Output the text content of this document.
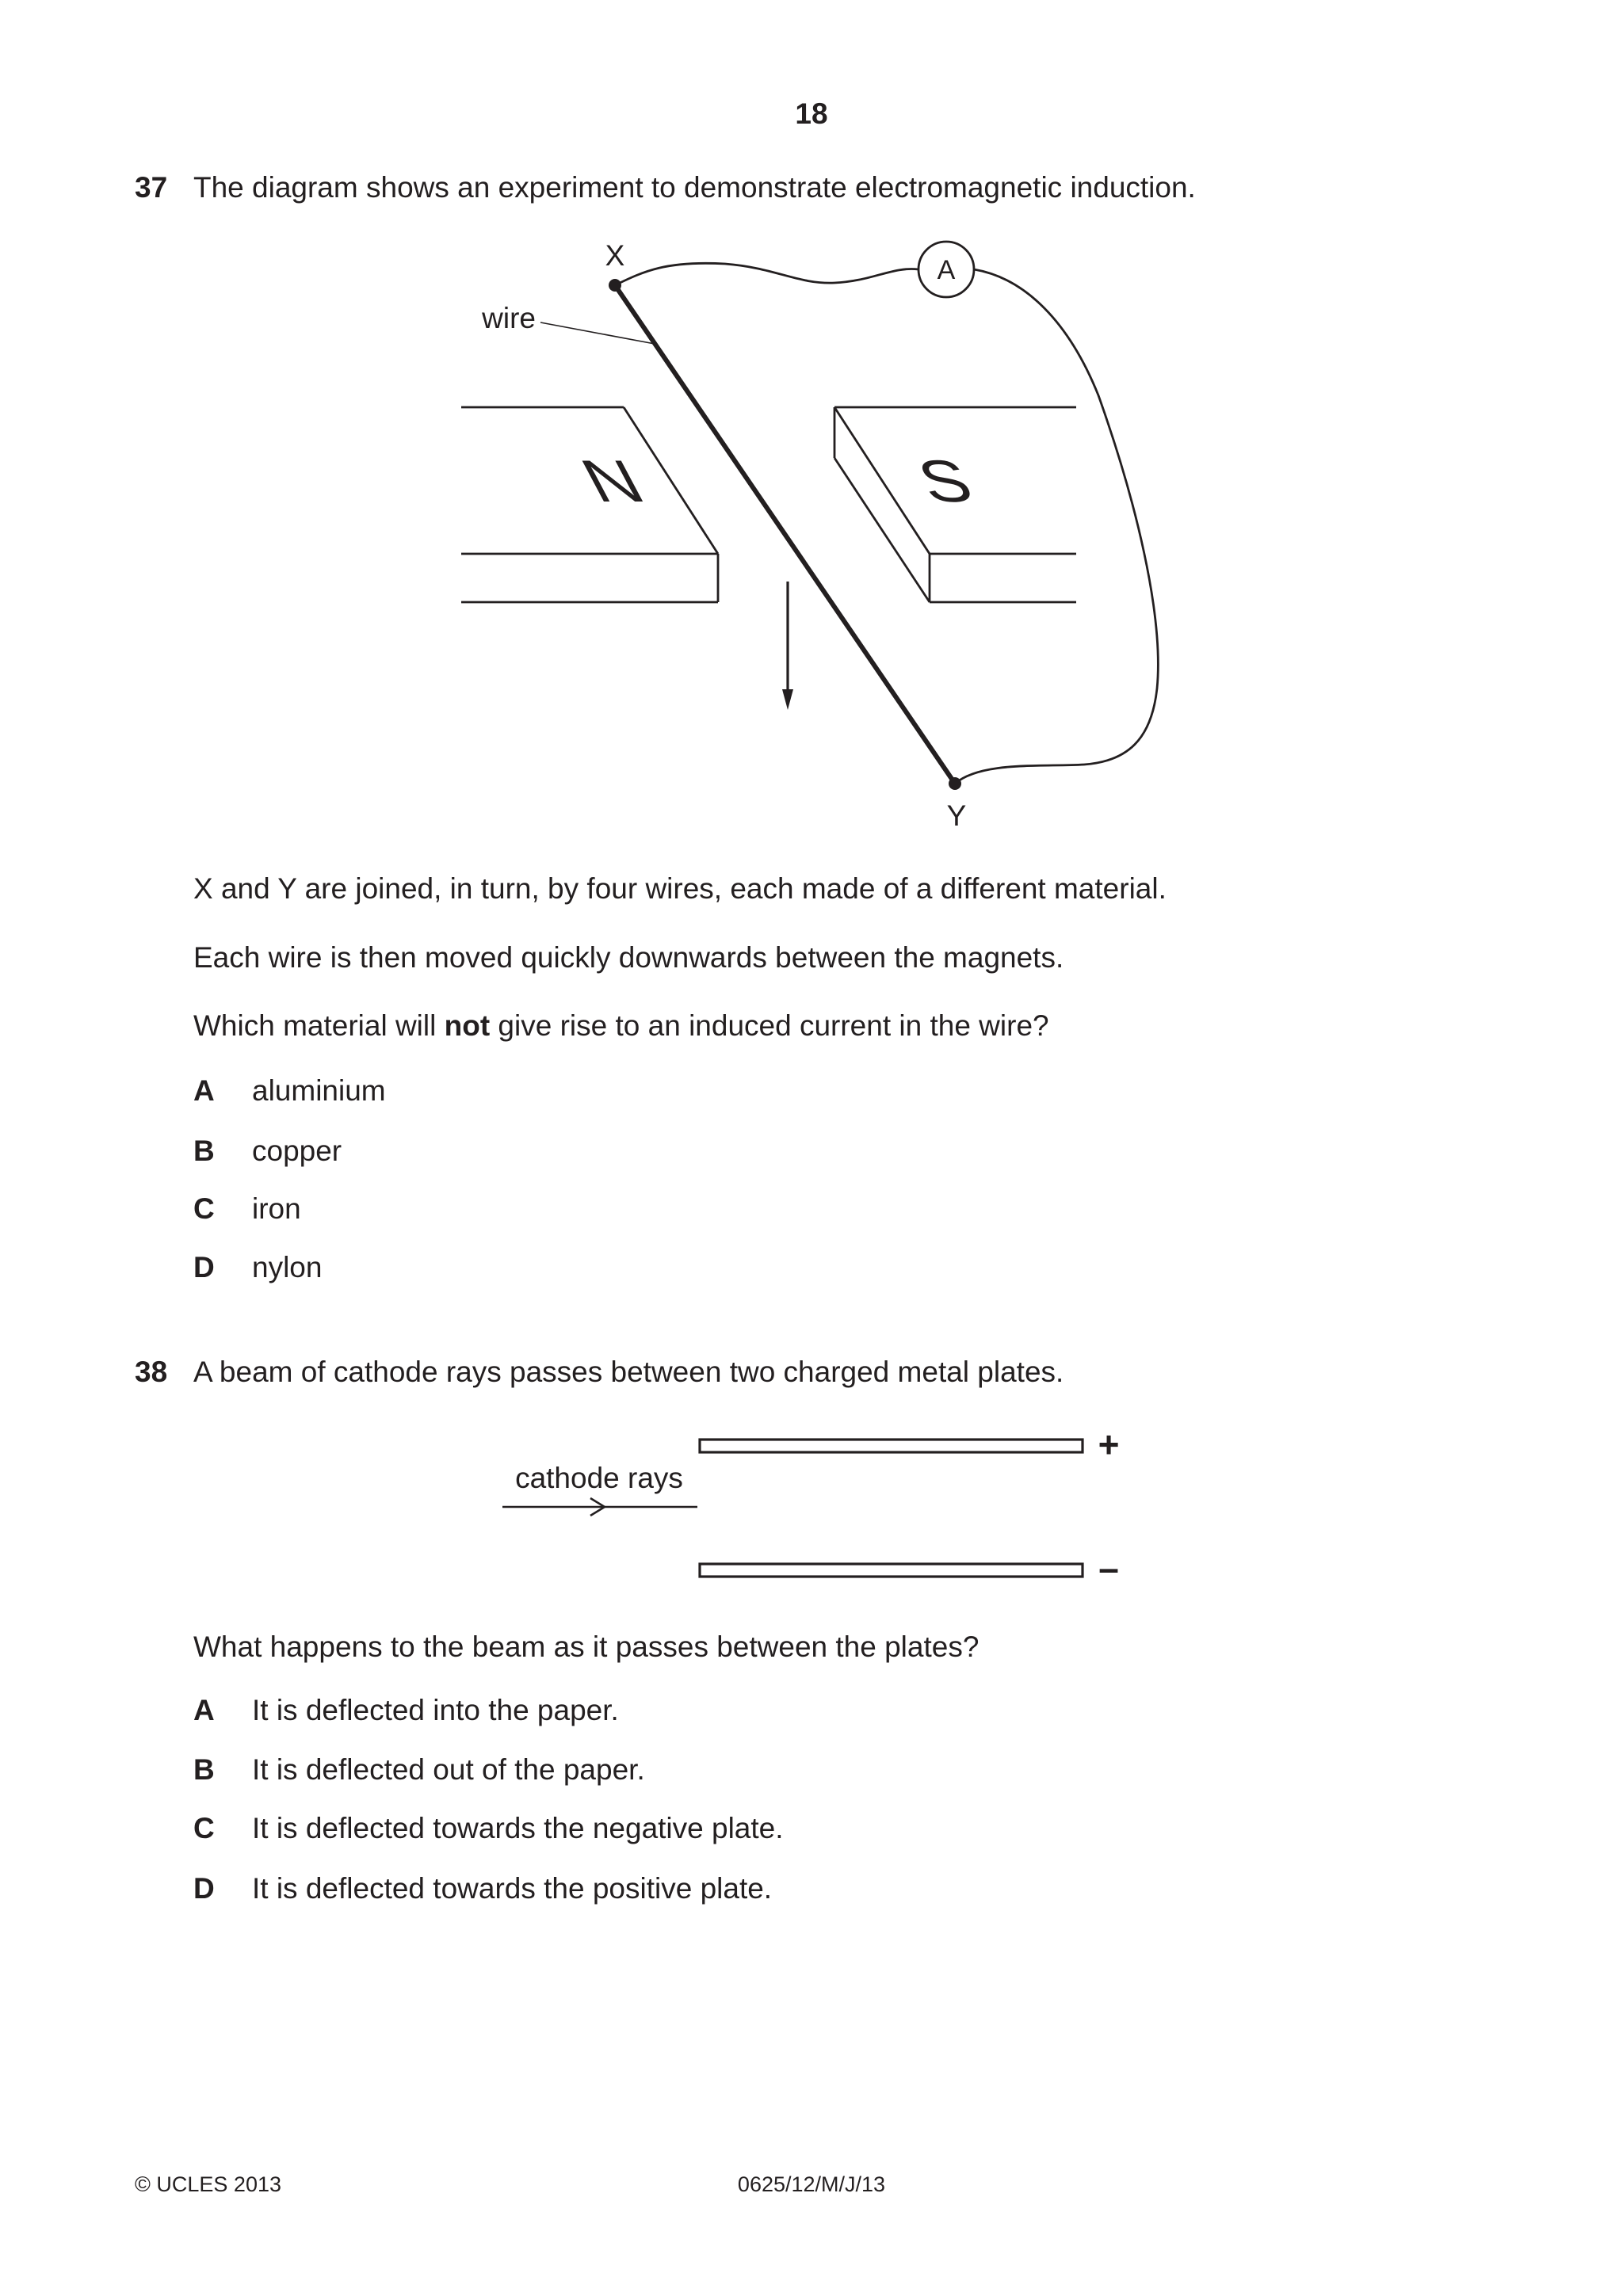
18
37 The diagram shows an experiment to demonstrate electromagnetic induction.
N	S
A
X
Y
wire
X and Y are joined, in turn, by four wires, each made of a different material.
Each wire is then moved quickly downwards between the magnets.
Which material will not give rise to an induced current in the wire?
A aluminium
B copper
C iron
D nylon
38 A beam of cathode rays passes between two charged metal plates.
+
cathode rays
–
What happens to the beam as it passes between the plates?
A It is deflected into the paper.
B It is deflected out of the paper.
C It is deflected towards the negative plate.
D It is deflected towards the positive plate.
© UCLES 2013	0625/12/M/J/13
